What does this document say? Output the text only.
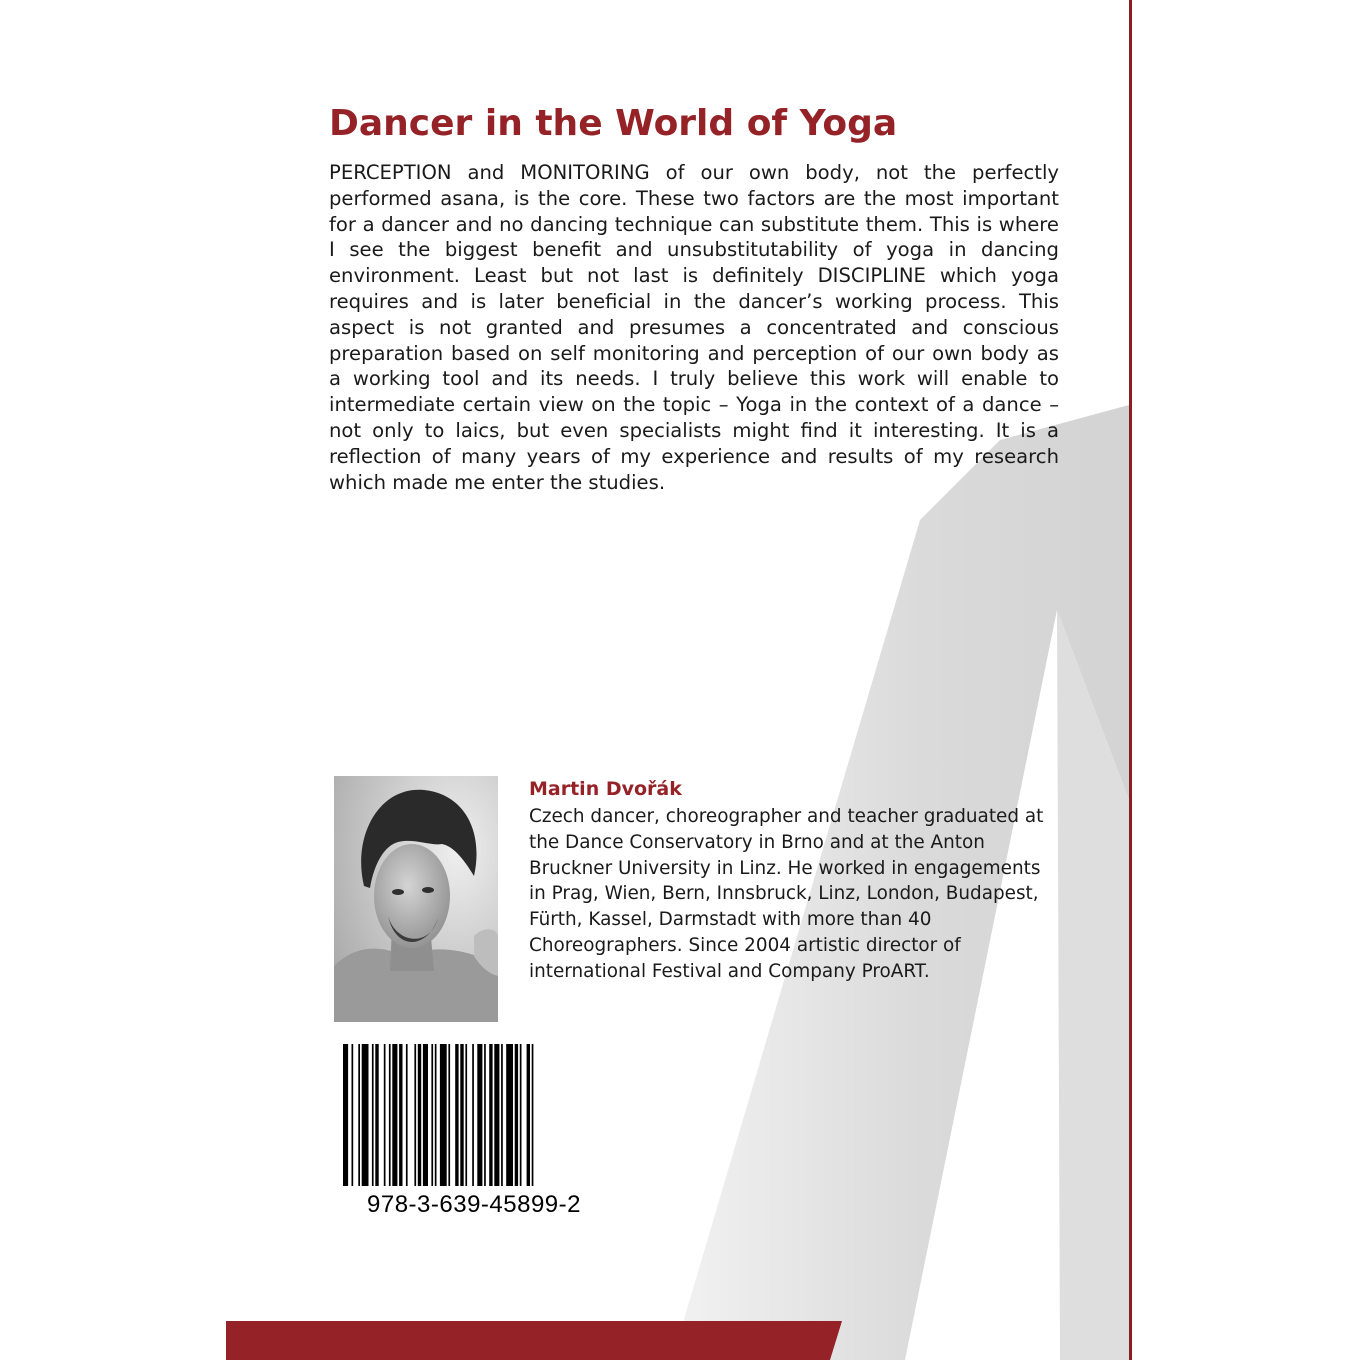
Dancer in the World of Yoga

PERCEPTION and MONITORING of our own body, not the perfectly performed asana, is the core. These two factors are the most important for a dancer and no dancing technique can substitute them. This is where I see the biggest benefit and unsubstitutability of yoga in dancing environment. Least but not last is definitely DISCIPLINE which yoga requires and is later beneficial in the dancer’s working process. This aspect is not granted and presumes a concentrated and conscious preparation based on self monitoring and perception of our own body as a working tool and its needs. I truly believe this work will enable to intermediate certain view on the topic – Yoga in the context of a dance – not only to laics, but even specialists might find it interesting. It is a reflection of many years of my experience and results of my research which made me enter the studies.

Martin Dvořák

Czech dancer, choreographer and teacher graduated at the Dance Conservatory in Brno and at the Anton Bruckner University in Linz. He worked in engagements in Prag, Wien, Bern, Innsbruck, Linz, London, Budapest, Fürth, Kassel, Darmstadt with more than 40 Choreographers. Since 2004 artistic director of international Festival and Company ProART.

978-3-639-45899-2
